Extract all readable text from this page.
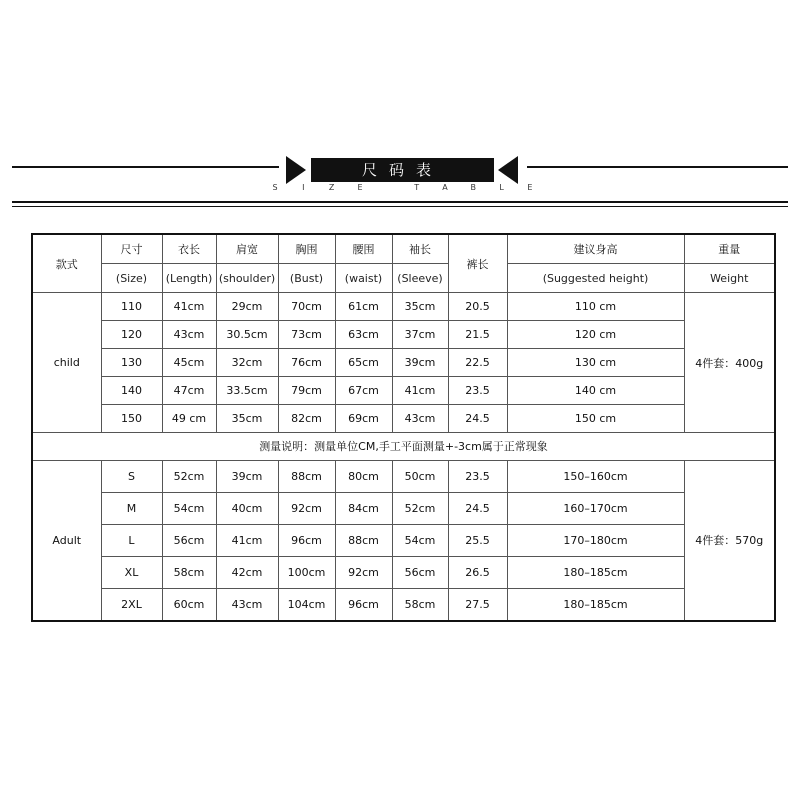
尺码表
S	I	Z	E	T	A	B	L	E
款式	尺寸	衣长	肩宽	胸围	腰围	袖长	裤长	建议身高	重量
	(Size)	(Length)	(shoulder)	(Bust)	(waist)	(Sleeve)		(Suggested height)	Weight
child	110	41cm	29cm	70cm	61cm	35cm	20.5	110 cm	4件套：400g
	120	43cm	30.5cm	73cm	63cm	37cm	21.5	120 cm	
	130	45cm	32cm	76cm	65cm	39cm	22.5	130 cm	
	140	47cm	33.5cm	79cm	67cm	41cm	23.5	140 cm	
	150	49 cm	35cm	82cm	69cm	43cm	24.5	150 cm	
测量说明：测量单位CM,手工平面测量+-3cm属于正常现象									
Adult	S	52cm	39cm	88cm	80cm	50cm	23.5	150–160cm	4件套：570g
	M	54cm	40cm	92cm	84cm	52cm	24.5	160–170cm	
	L	56cm	41cm	96cm	88cm	54cm	25.5	170–180cm	
	XL	58cm	42cm	100cm	92cm	56cm	26.5	180–185cm	
	2XL	60cm	43cm	104cm	96cm	58cm	27.5	180–185cm	
